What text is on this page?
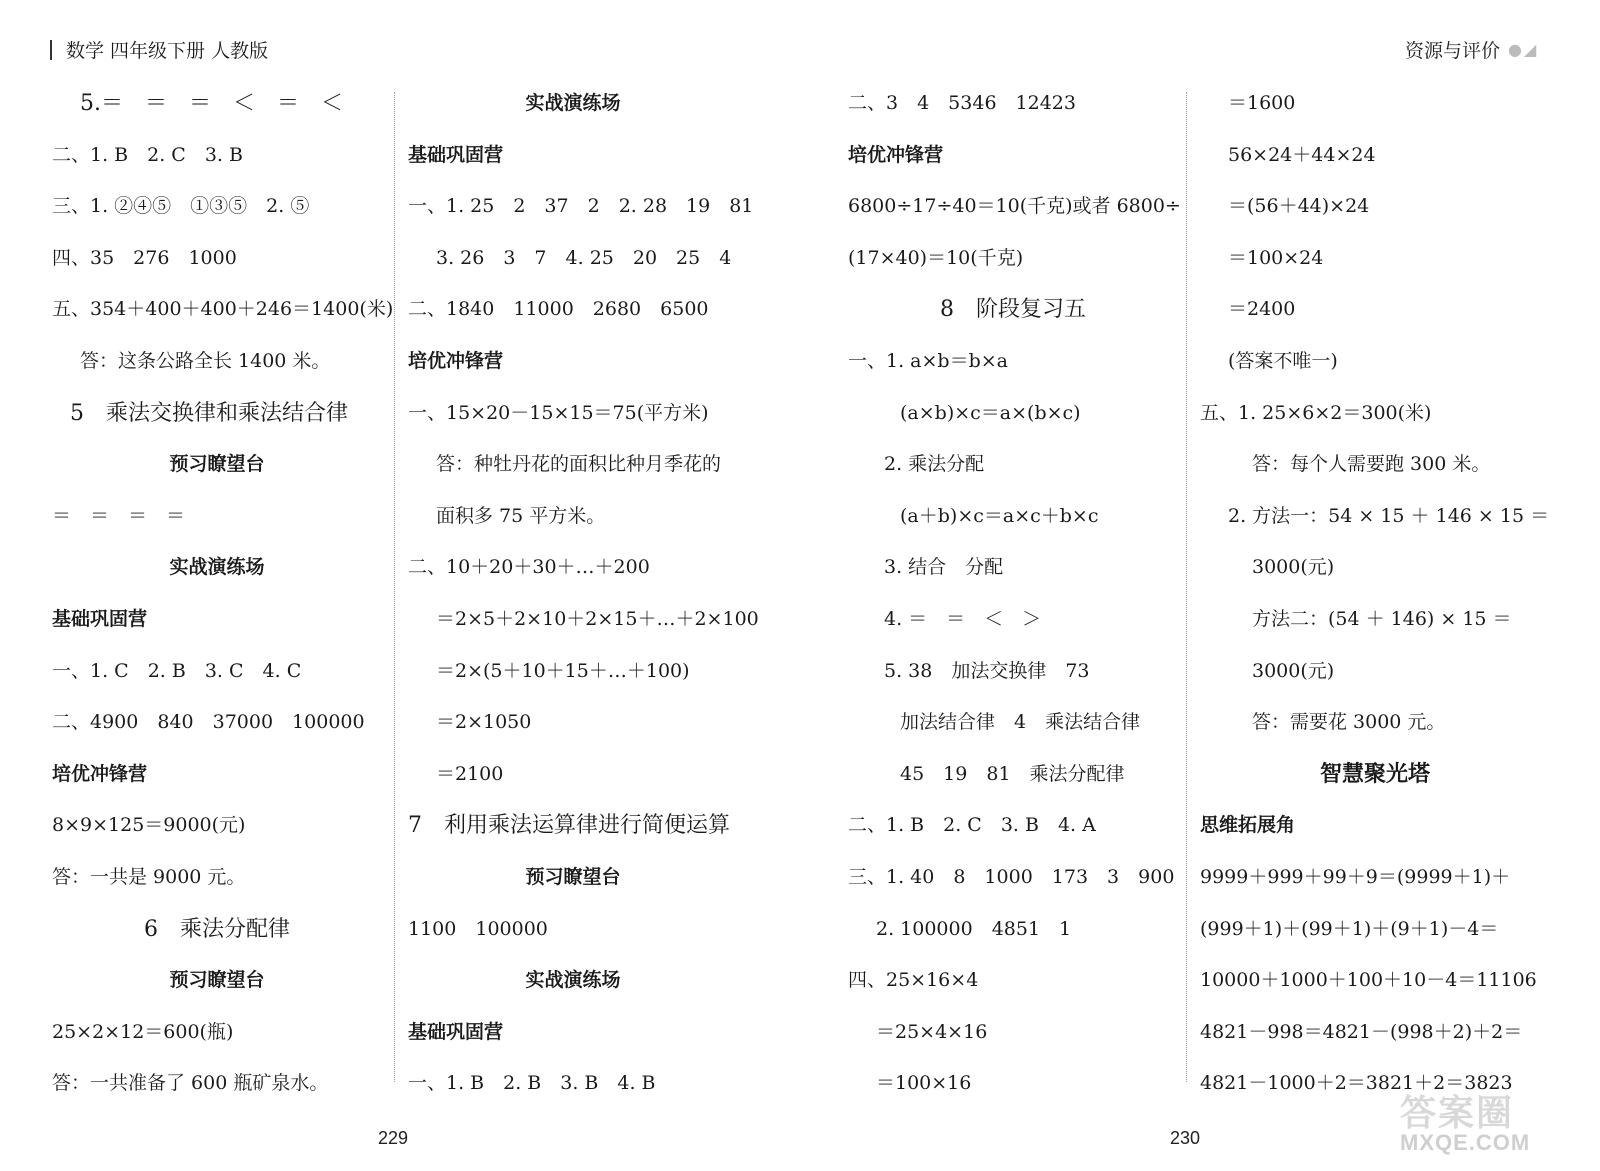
数学 四年级下册 人教版	资源与评价 ●◢
5.＝　＝　＝　＜　＝　＜
二、1. B　2. C　3. B
三、1. ②④⑤　①③⑤　2. ⑤
四、35　276　1000
五、354＋400＋400＋246＝1400(米)
答：这条公路全长 1400 米。
5　乘法交换律和乘法结合律
预习瞭望台
＝　＝　＝　＝
实战演练场
基础巩固营
一、1. C　2. B　3. C　4. C
二、4900　840　37000　100000
培优冲锋营
8×9×125＝9000(元)
答：一共是 9000 元。
6　乘法分配律
预习瞭望台
25×2×12＝600(瓶)
答：一共准备了 600 瓶矿泉水。
实战演练场
基础巩固营
一、1. 25　2　37　2　2. 28　19　81
3. 26　3　7　4. 25　20　25　4
二、1840　11000　2680　6500
培优冲锋营
一、15×20－15×15＝75(平方米)
答：种牡丹花的面积比种月季花的
面积多 75 平方米。
二、10＋20＋30＋…＋200
＝2×5＋2×10＋2×15＋…＋2×100
＝2×(5＋10＋15＋…＋100)
＝2×1050
＝2100
7　利用乘法运算律进行简便运算
预习瞭望台
1100　100000
实战演练场
基础巩固营
一、1. B　2. B　3. B　4. B
二、3　4　5346　12423
培优冲锋营
6800÷17÷40＝10(千克)或者 6800÷
(17×40)＝10(千克)
8　阶段复习五
一、1. a×b＝b×a
(a×b)×c＝a×(b×c)
2. 乘法分配
(a＋b)×c＝a×c＋b×c
3. 结合　分配
4. ＝　＝　＜　＞
5. 38　加法交换律　73
加法结合律　4　乘法结合律
45　19　81　乘法分配律
二、1. B　2. C　3. B　4. A
三、1. 40　8　1000　173　3　900
2. 100000　4851　1
四、25×16×4
＝25×4×16
＝100×16
＝1600
56×24＋44×24
＝(56＋44)×24
＝100×24
＝2400
(答案不唯一)
五、1. 25×6×2＝300(米)
答：每个人需要跑 300 米。
2. 方法一：54 × 15 ＋ 146 × 15 ＝
3000(元)
方法二：(54 ＋ 146) × 15 ＝
3000(元)
答：需要花 3000 元。
智慧聚光塔
思维拓展角
9999＋999＋99＋9＝(9999＋1)＋
(999＋1)＋(99＋1)＋(9＋1)－4＝
10000＋1000＋100＋10－4＝11106
4821－998＝4821－(998＋2)＋2＝
4821－1000＋2＝3821＋2＝3823
229	230
答案圈
MXQE.COM
